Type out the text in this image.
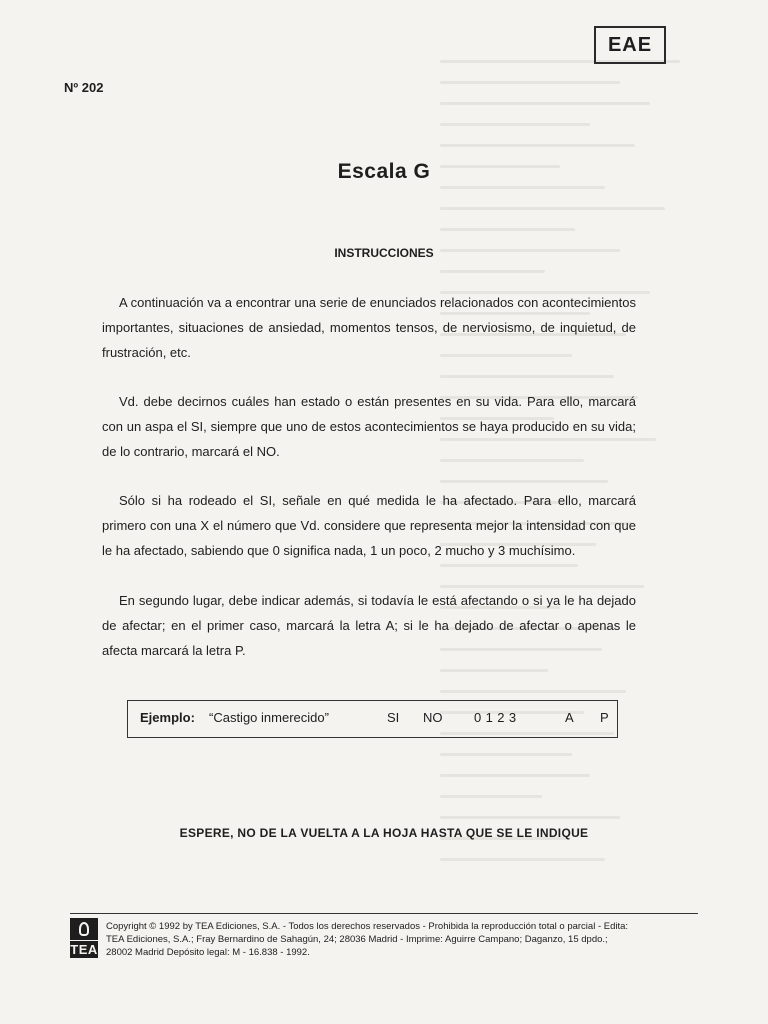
EAE
Nº 202
Escala G
INSTRUCCIONES
A continuación va a encontrar una serie de enunciados relacionados con acontecimientos importantes, situaciones de ansiedad, momentos tensos, de nerviosismo, de inquietud, de frustración, etc.
Vd. debe decirnos cuáles han estado o están presentes en su vida. Para ello, marcará con un aspa el SI, siempre que uno de estos acontecimientos se haya producido en su vida; de lo contrario, marcará el NO.
Sólo si ha rodeado el SI, señale en qué medida le ha afectado. Para ello, marcará primero con una X el número que Vd. considere que representa mejor la intensidad con que le ha afectado, sabiendo que 0 significa nada, 1 un poco, 2 mucho y 3 muchísimo.
En segundo lugar, debe indicar además, si todavía le está afectando o si ya le ha dejado de afectar; en el primer caso, marcará la letra A; si le ha dejado de afectar o apenas le afecta marcará la letra P.
Ejemplo: “Castigo inmerecido”	SI NO 0 1 2 3	A P
ESPERE, NO DE LA VUELTA A LA HOJA HASTA QUE SE LE INDIQUE
TEA
Copyright © 1992 by TEA Ediciones, S.A. - Todos los derechos reservados - Prohibida la reproducción total o parcial - Edita:
TEA Ediciones, S.A.; Fray Bernardino de Sahagún, 24; 28036 Madrid - Imprime: Aguirre Campano; Daganzo, 15 dpdo.;
28002 Madrid Depósito legal: M - 16.838 - 1992.
